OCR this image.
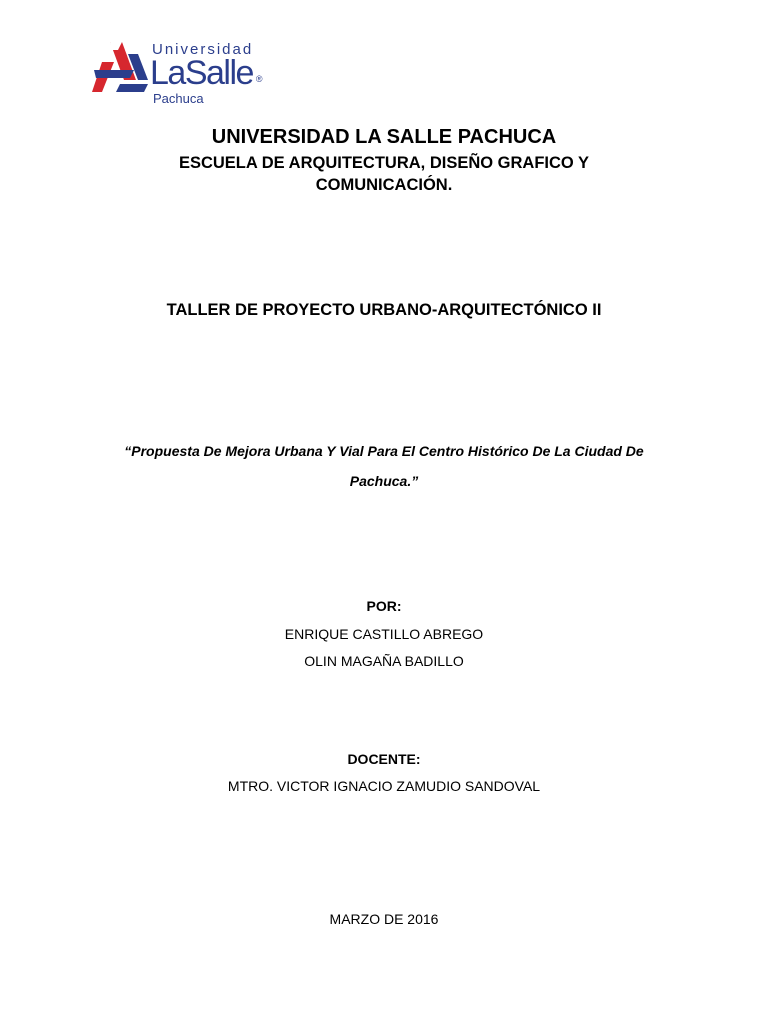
Universidad
LaSalle ®
Pachuca
UNIVERSIDAD LA SALLE PACHUCA
ESCUELA DE ARQUITECTURA, DISEÑO GRAFICO Y COMUNICACIÓN.
TALLER DE PROYECTO URBANO-ARQUITECTÓNICO II
“Propuesta De Mejora Urbana Y Vial Para El Centro Histórico De La Ciudad De Pachuca.”
POR:
ENRIQUE CASTILLO ABREGO
OLIN MAGAÑA BADILLO
DOCENTE:
MTRO. VICTOR IGNACIO ZAMUDIO SANDOVAL
MARZO DE 2016
